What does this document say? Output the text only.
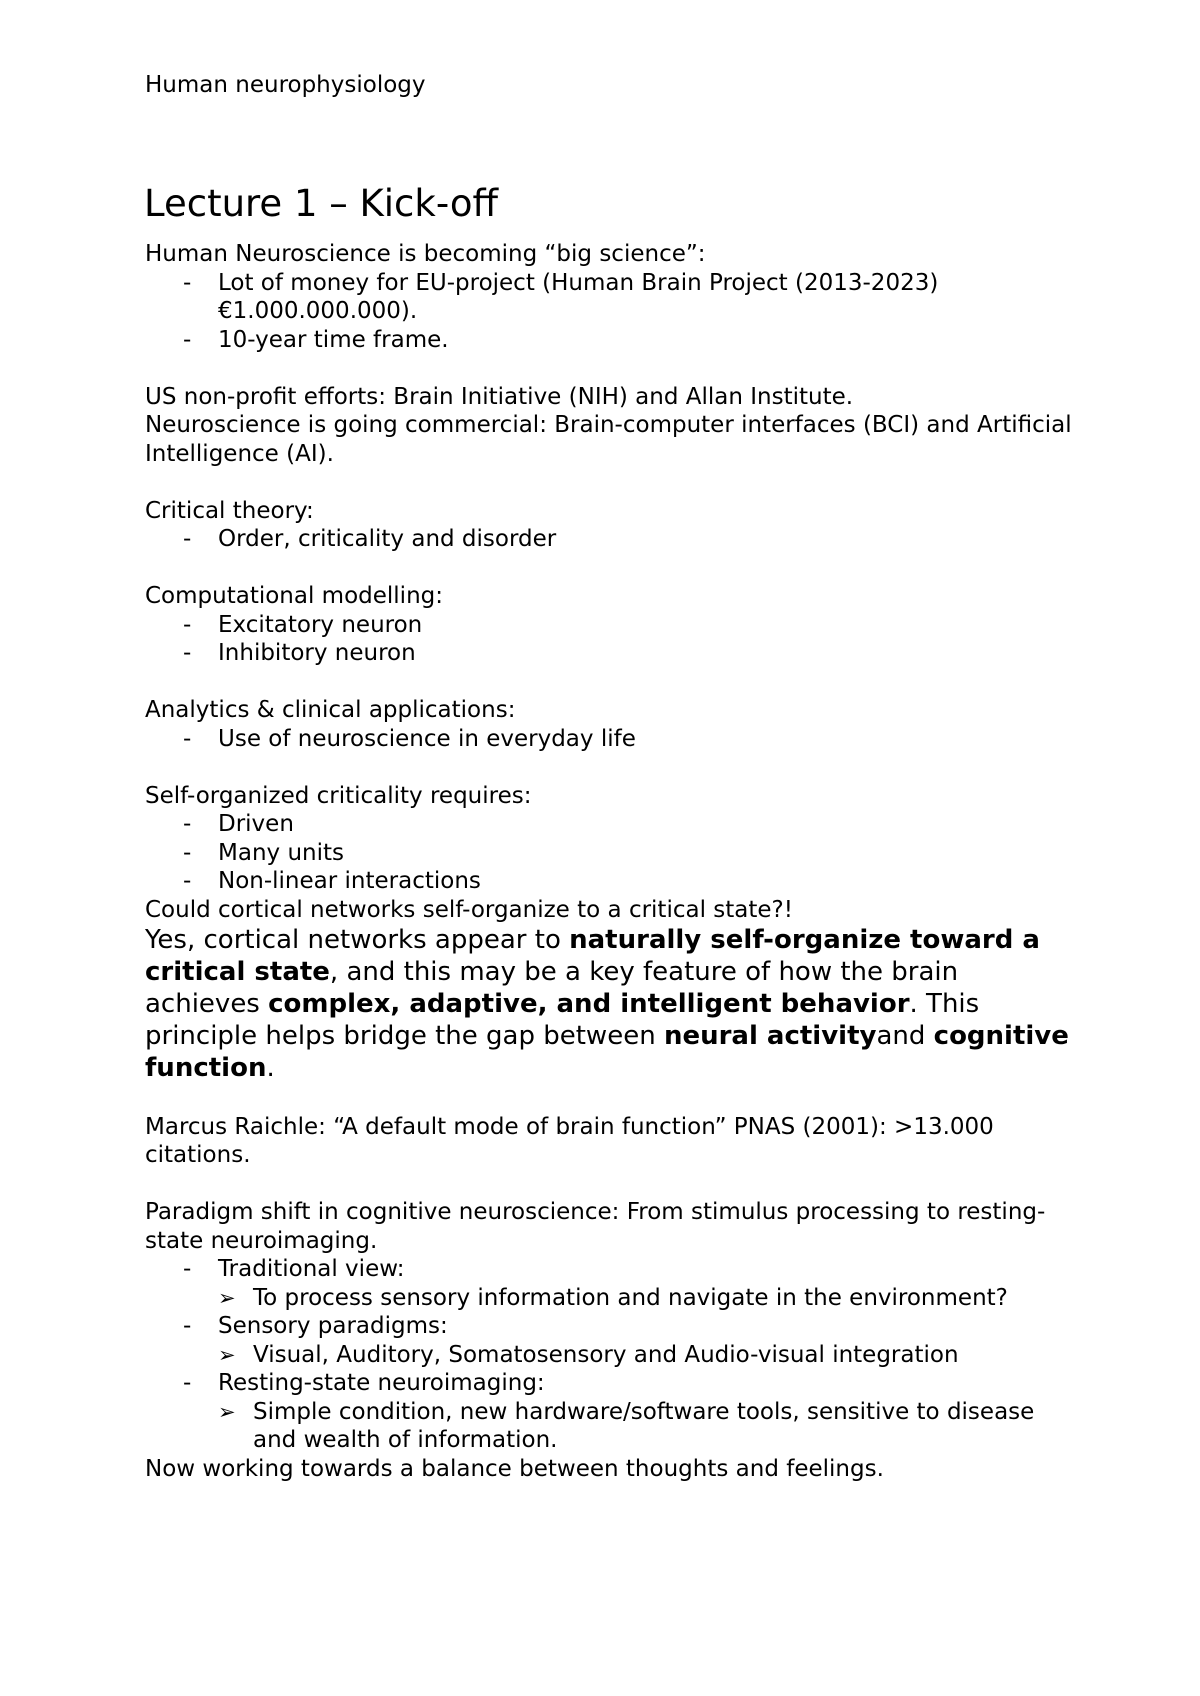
Human neurophysiology
Lecture 1 – Kick-off

Human Neuroscience is becoming “big science”:

- Lot of money for EU-project (Human Brain Project (2013-2023) €1.000.000.000).

- 10-year time frame.

US non-profit efforts: Brain Initiative (NIH) and Allan Institute.

Neuroscience is going commercial: Brain-computer interfaces (BCI) and Artificial Intelligence (AI).

Critical theory:

- Order, criticality and disorder

Computational modelling:

- Excitatory neuron

- Inhibitory neuron

Analytics & clinical applications:

- Use of neuroscience in everyday life

Self-organized criticality requires:

- Driven

- Many units

- Non-linear interactions

Could cortical networks self-organize to a critical state?!

Yes, cortical networks appear to naturally self-organize toward a critical state, and this may be a key feature of how the brain achieves complex, adaptive, and intelligent behavior. This principle helps bridge the gap between neural activityand cognitive function.

Marcus Raichle: “A default mode of brain function” PNAS (2001): >13.000 citations.

Paradigm shift in cognitive neuroscience: From stimulus processing to resting-state neuroimaging.

- Traditional view:

➢ To process sensory information and navigate in the environment?

- Sensory paradigms:

➢ Visual, Auditory, Somatosensory and Audio-visual integration

- Resting-state neuroimaging:

➢ Simple condition, new hardware/software tools, sensitive to disease and wealth of information.

Now working towards a balance between thoughts and feelings.
